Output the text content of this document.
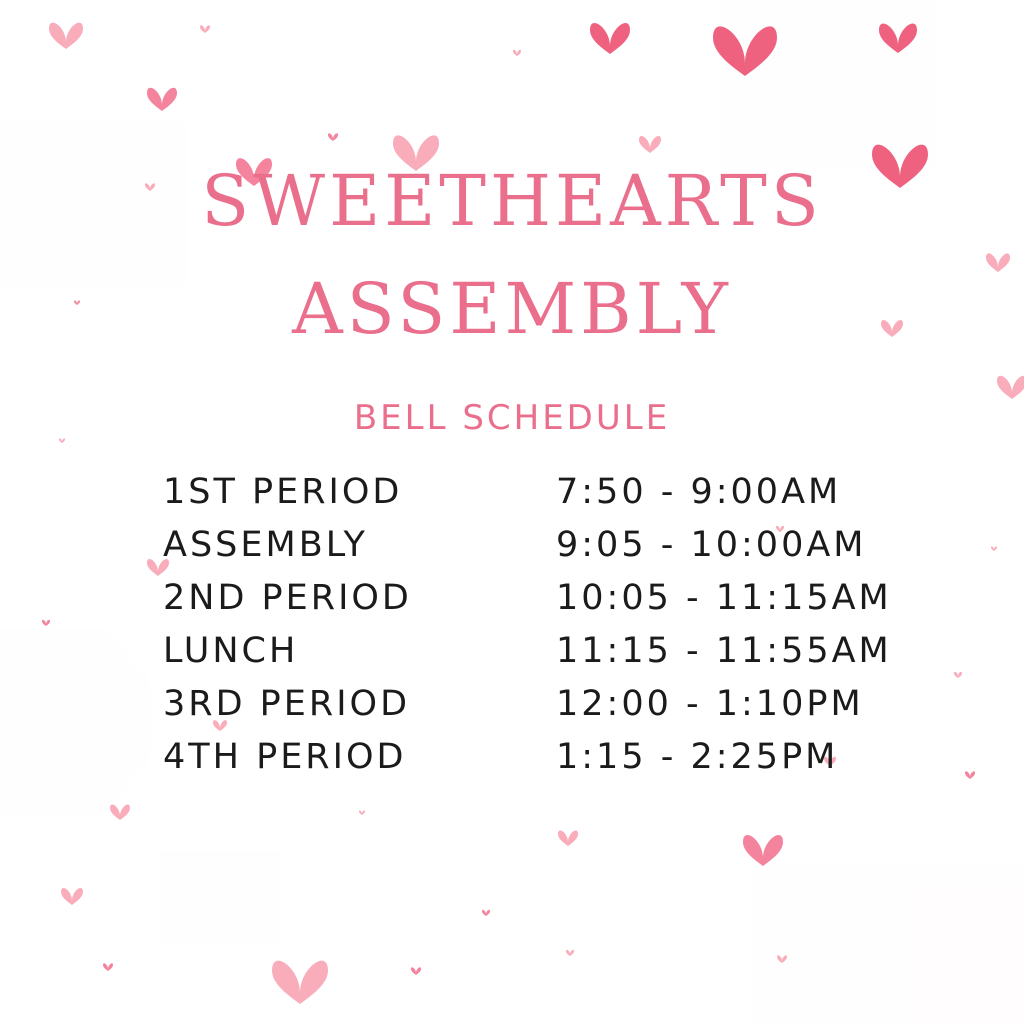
SWEETHEARTS
ASSEMBLY
BELL SCHEDULE
1ST PERIOD	7:50 - 9:00AM
ASSEMBLY	9:05 - 10:00AM
2ND PERIOD	10:05 - 11:15AM
LUNCH	11:15 - 11:55AM
3RD PERIOD	12:00 - 1:10PM
4TH PERIOD	1:15 - 2:25PM
